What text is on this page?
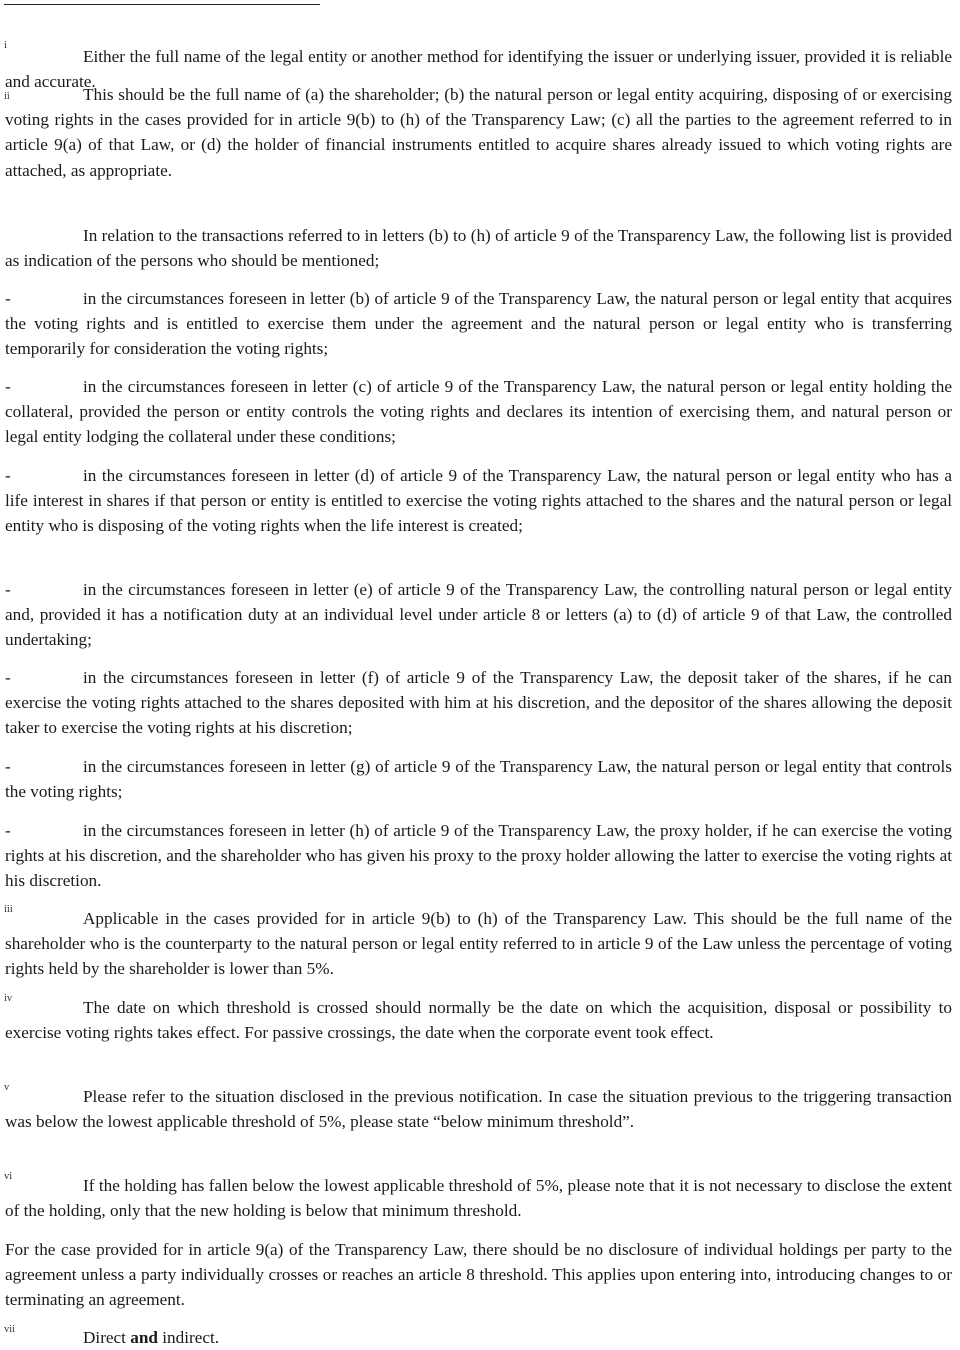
i

Either the full name of the legal entity or another method for identifying the issuer or underlying issuer, provided it is reliable and accurate.

ii	This should be the full name of (a) the shareholder; (b) the natural person or legal entity acquiring, disposing of or exercising voting rights in the cases provided for in article 9(b) to (h) of the Transparency Law; (c) all the parties to the agreement referred to in article 9(a) of that Law, or (d) the holder of financial instruments entitled to acquire shares already issued to which voting rights are attached, as appropriate.

In relation to the transactions referred to in letters (b) to (h) of article 9 of the Transparency Law, the following list is provided as indication of the persons who should be mentioned;

-	in the circumstances foreseen in letter (b) of article 9 of the Transparency Law, the natural person or legal entity that acquires the voting rights and is entitled to exercise them under the agreement and the natural person or legal entity who is transferring temporarily for consideration the voting rights;

-	in the circumstances foreseen in letter (c) of article 9 of the Transparency Law, the natural person or legal entity holding the collateral, provided the person or entity controls the voting rights and declares its intention of exercising them, and natural person or legal entity lodging the collateral under these conditions;

-	in the circumstances foreseen in letter (d) of article 9 of the Transparency Law, the natural person or legal entity who has a life interest in shares if that person or entity is entitled to exercise the voting rights attached to the shares and the natural person or legal entity who is disposing of the voting rights when the life interest is created;

-	in the circumstances foreseen in letter (e) of article 9 of the Transparency Law, the controlling natural person or legal entity and, provided it has a notification duty at an individual level under article 8 or letters (a) to (d) of article 9 of that Law, the controlled undertaking;

-	in the circumstances foreseen in letter (f) of article 9 of the Transparency Law, the deposit taker of the shares, if he can exercise the voting rights attached to the shares deposited with him at his discretion, and the depositor of the shares allowing the deposit taker to exercise the voting rights at his discretion;

-	in the circumstances foreseen in letter (g) of article 9 of the Transparency Law, the natural person or legal entity that controls the voting rights;

-	in the circumstances foreseen in letter (h) of article 9 of the Transparency Law, the proxy holder, if he can exercise the voting rights at his discretion, and the shareholder who has given his proxy to the proxy holder allowing the latter to exercise the voting rights at his discretion.

iii	Applicable in the cases provided for in article 9(b) to (h) of the Transparency Law. This should be the full name of the shareholder who is the counterparty to the natural person or legal entity referred to in article 9 of the Law unless the percentage of voting rights held by the shareholder is lower than 5%.

iv	The date on which threshold is crossed should normally be the date on which the acquisition, disposal or possibility to exercise voting rights takes effect. For passive crossings, the date when the corporate event took effect.

v	Please refer to the situation disclosed in the previous notification. In case the situation previous to the triggering transaction was below the lowest applicable threshold of 5%, please state “below minimum threshold”.

vi	If the holding has fallen below the lowest applicable threshold of 5%, please note that it is not necessary to disclose the extent of the holding, only that the new holding is below that minimum threshold.

For the case provided for in article 9(a) of the Transparency Law, there should be no disclosure of individual holdings per party to the agreement unless a party individually crosses or reaches an article 8 threshold. This applies upon entering into, introducing changes to or terminating an agreement.

vii	Direct and indirect.
